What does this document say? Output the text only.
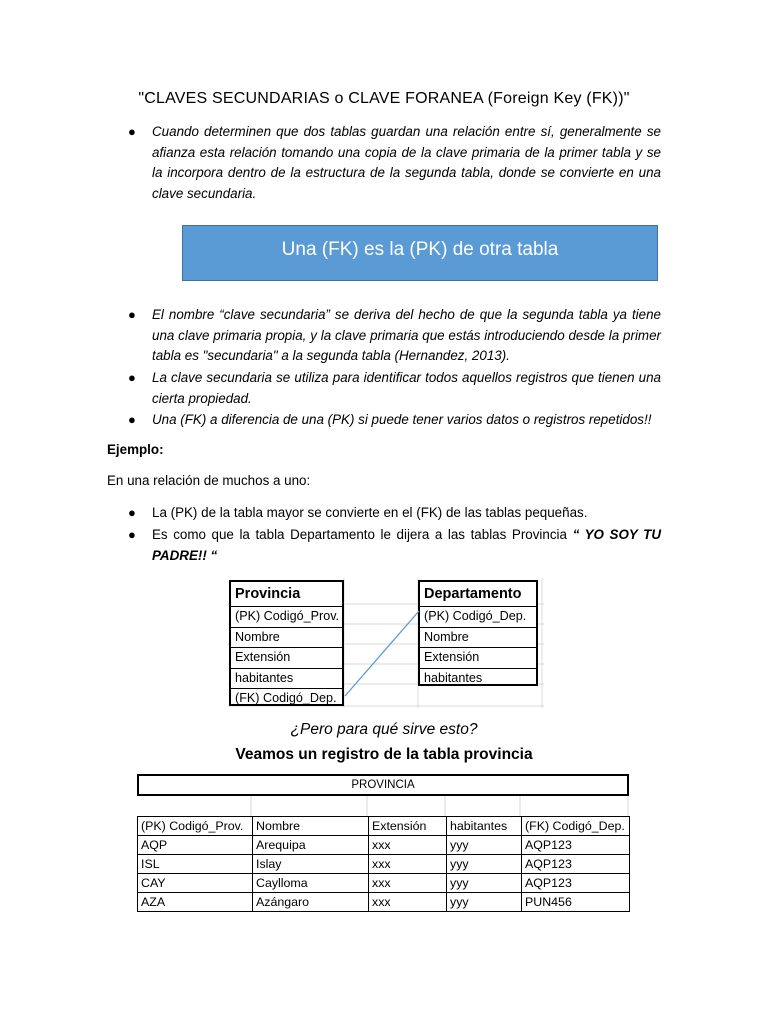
"CLAVES SECUNDARIAS o CLAVE FORANEA (Foreign Key (FK))"
● Cuando determinen que dos tablas guardan una relación entre sí, generalmente se afianza esta relación tomando una copia de la clave primaria de la primer tabla y se la incorpora dentro de la estructura de la segunda tabla, donde se convierte en una clave secundaria.
Una (FK) es la (PK) de otra tabla
● El nombre “clave secundaria” se deriva del hecho de que la segunda tabla ya tiene una clave primaria propia, y la clave primaria que estás introduciendo desde la primer tabla es "secundaria" a la segunda tabla (Hernandez, 2013).
● La clave secundaria se utiliza para identificar todos aquellos registros que tienen una cierta propiedad.
● Una (FK) a diferencia de una (PK) si puede tener varios datos o registros repetidos!!
Ejemplo:
En una relación de muchos a uno:
● La (PK) de la tabla mayor se convierte en el (FK) de las tablas pequeñas.
● Es como que la tabla Departamento le dijera a las tablas Provincia “ YO SOY TU PADRE!! “
Provincia
(PK) Codigó_Prov.
Nombre
Extensión
habitantes
(FK) Codigó_Dep.
Departamento
(PK) Codigó_Dep.
Nombre
Extensión
habitantes
¿Pero para qué sirve esto?
Veamos un registro de la tabla provincia
PROVINCIA
(PK) Codigó_Prov.	Nombre	Extensión	habitantes	(FK) Codigó_Dep.
AQP	Arequipa	xxx	yyy	AQP123
ISL	Islay	xxx	yyy	AQP123
CAY	Caylloma	xxx	yyy	AQP123
AZA	Azángaro	xxx	yyy	PUN456
